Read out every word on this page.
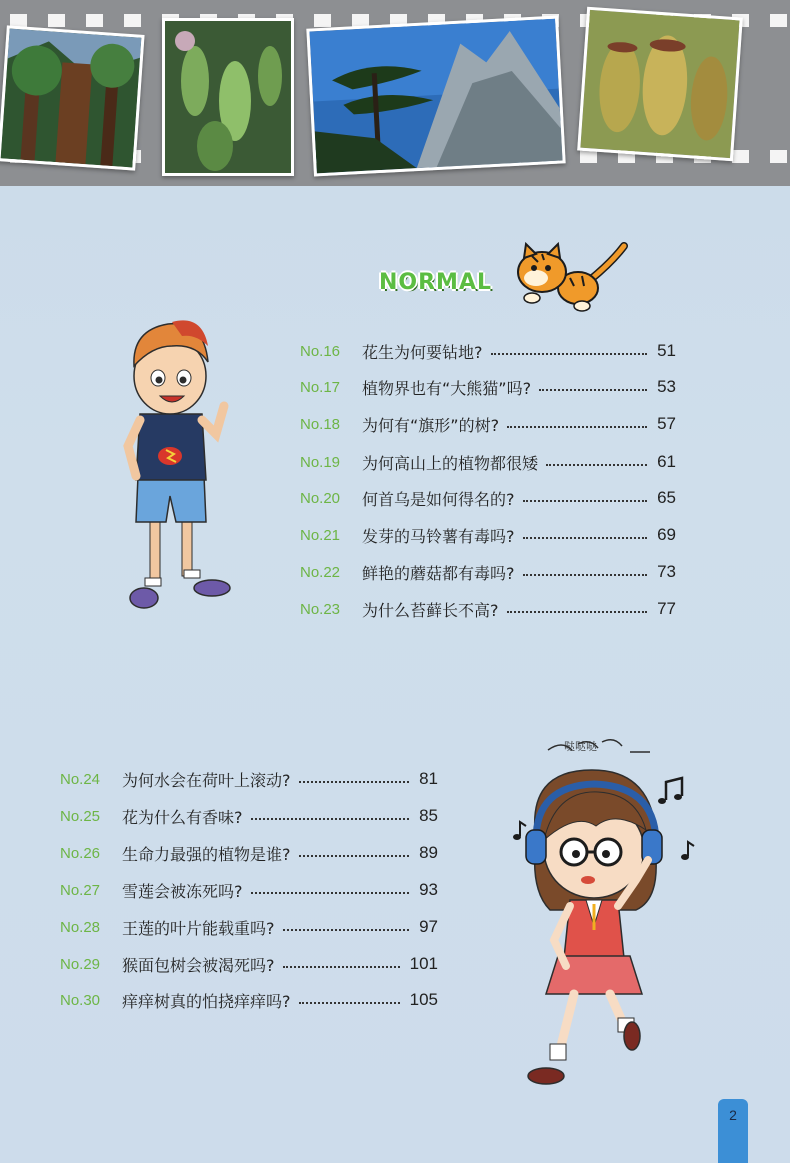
NORMAL
No.16	花生为何要钻地?	51
No.17	植物界也有“大熊猫”吗?	53
No.18	为何有“旗形”的树?	57
No.19	为何高山上的植物都很矮	61
No.20	何首乌是如何得名的?	65
No.21	发芽的马铃薯有毒吗?	69
No.22	鲜艳的蘑菇都有毒吗?	73
No.23	为什么苔藓长不高?	77
No.24	为何水会在荷叶上滚动?	81
No.25	花为什么有香味?	85
No.26	生命力最强的植物是谁?	89
No.27	雪莲会被冻死吗?	93
No.28	王莲的叶片能载重吗?	97
No.29	猴面包树会被渴死吗?	101
No.30	痒痒树真的怕挠痒痒吗?	105
哒哒哒
2
